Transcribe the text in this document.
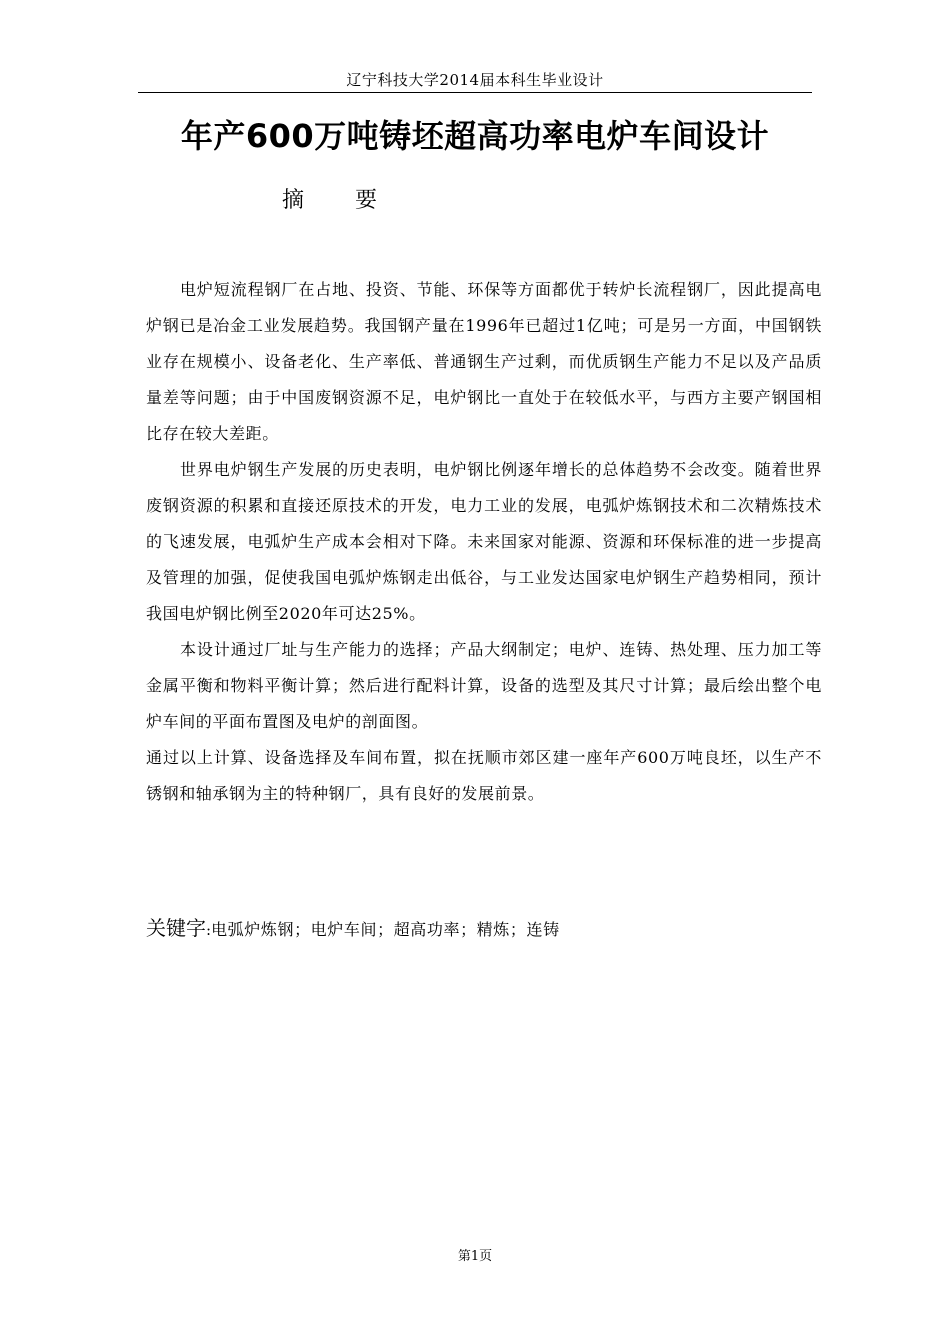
辽宁科技大学2014届本科生毕业设计
年产600万吨铸坯超高功率电炉车间设计
摘 要

电炉短流程钢厂在占地、投资、节能、环保等方面都优于转炉长流程钢厂，因此提高电炉钢已是冶金工业发展趋势。我国钢产量在1996年已超过1亿吨；可是另一方面，中国钢铁业存在规模小、设备老化、生产率低、普通钢生产过剩，而优质钢生产能力不足以及产品质量差等问题；由于中国废钢资源不足，电炉钢比一直处于在较低水平，与西方主要产钢国相比存在较大差距。

世界电炉钢生产发展的历史表明，电炉钢比例逐年增长的总体趋势不会改变。随着世界废钢资源的积累和直接还原技术的开发，电力工业的发展，电弧炉炼钢技术和二次精炼技术的飞速发展，电弧炉生产成本会相对下降。未来国家对能源、资源和环保标准的进一步提高及管理的加强，促使我国电弧炉炼钢走出低谷，与工业发达国家电炉钢生产趋势相同，预计我国电炉钢比例至2020年可达25%。

本设计通过厂址与生产能力的选择；产品大纲制定；电炉、连铸、热处理、压力加工等金属平衡和物料平衡计算；然后进行配料计算，设备的选型及其尺寸计算；最后绘出整个电炉车间的平面布置图及电炉的剖面图。

通过以上计算、设备选择及车间布置，拟在抚顺市郊区建一座年产600万吨良坯，以生产不锈钢和轴承钢为主的特种钢厂，具有良好的发展前景。

关键字:电弧炉炼钢；电炉车间；超高功率；精炼；连铸
第1页
